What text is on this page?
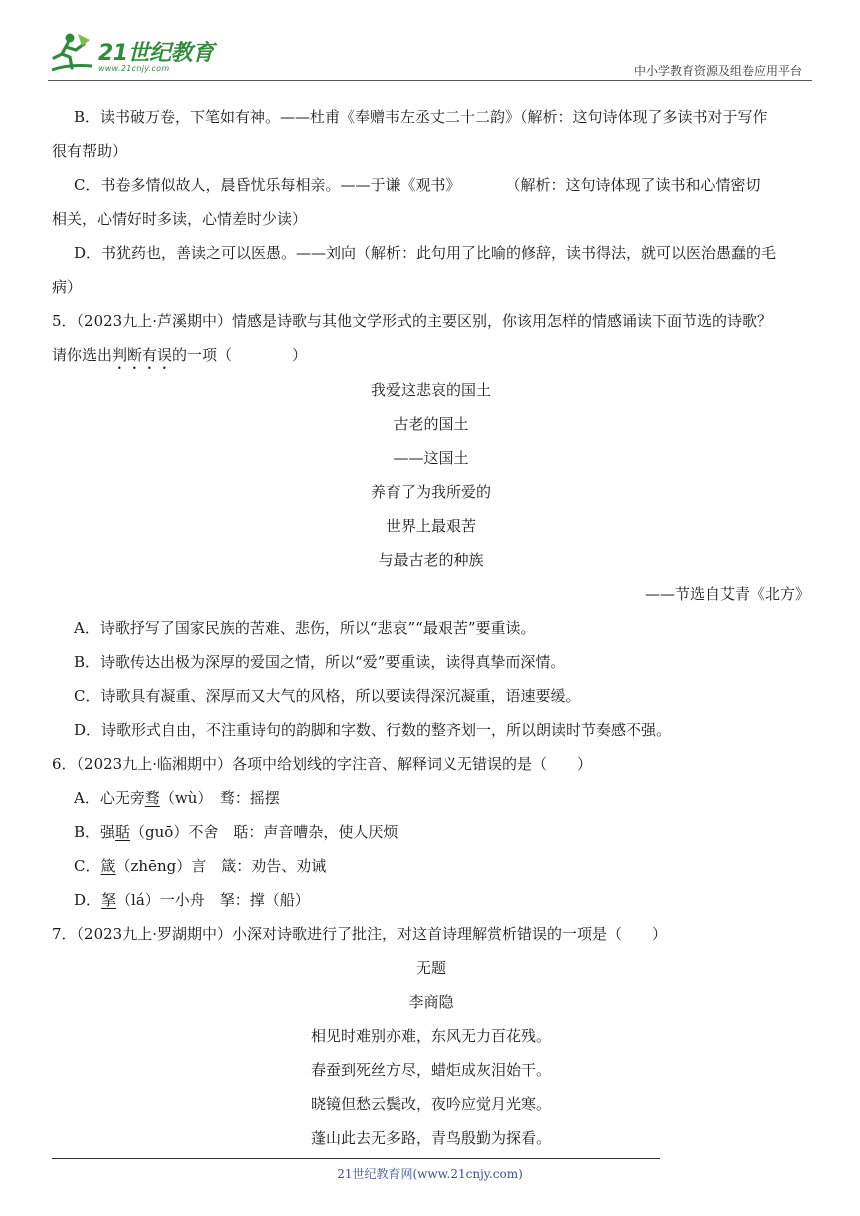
21世纪教育
www.21cnjy.com	中小学教育资源及组卷应用平台

B．读书破万卷，下笔如有神。——杜甫《奉赠韦左丞丈二十二韵》（解析：这句诗体现了多读书对于写作

很有帮助）

C．书卷多情似故人，晨昏忧乐每相亲。——于谦《观书》　　　　（解析：这句诗体现了读书和心情密切

相关，心情好时多读，心情差时少读）

D．书犹药也，善读之可以医愚。——刘向（解析：此句用了比喻的修辞，读书得法，就可以医治愚蠢的毛

病）

5．（2023九上·芦溪期中）情感是诗歌与其他文学形式的主要区别，你该用怎样的情感诵读下面节选的诗歌？

请你选出判断有误的一项（　　　　）

我爱这悲哀的国土

古老的国土

——这国土

养育了为我所爱的

世界上最艰苦

与最古老的种族

——节选自艾青《北方》

A．诗歌抒写了国家民族的苦难、悲伤，所以“悲哀”“最艰苦”要重读。

B．诗歌传达出极为深厚的爱国之情，所以“爱”要重读，读得真挚而深情。

C．诗歌具有凝重、深厚而又大气的风格，所以要读得深沉凝重，语速要缓。

D．诗歌形式自由，不注重诗句的韵脚和字数、行数的整齐划一，所以朗读时节奏感不强。

6．（2023九上·临湘期中）各项中给划线的字注音、解释词义无错误的是（　　）

A．心无旁骛（wù）　骛：摇摆

B．强聒（guō）不舍　聒：声音嘈杂，使人厌烦

C．箴（zhēng）言　箴：劝告、劝诫

D．拏（lá）一小舟　拏：撑（船）

7．（2023九上·罗湖期中）小深对诗歌进行了批注，对这首诗理解赏析错误的一项是（　　）

无题

李商隐

相见时难别亦难，东风无力百花残。

春蚕到死丝方尽，蜡炬成灰泪始干。

晓镜但愁云鬓改，夜吟应觉月光寒。

蓬山此去无多路，青鸟殷勤为探看。

21世纪教育网(www.21cnjy.com)
